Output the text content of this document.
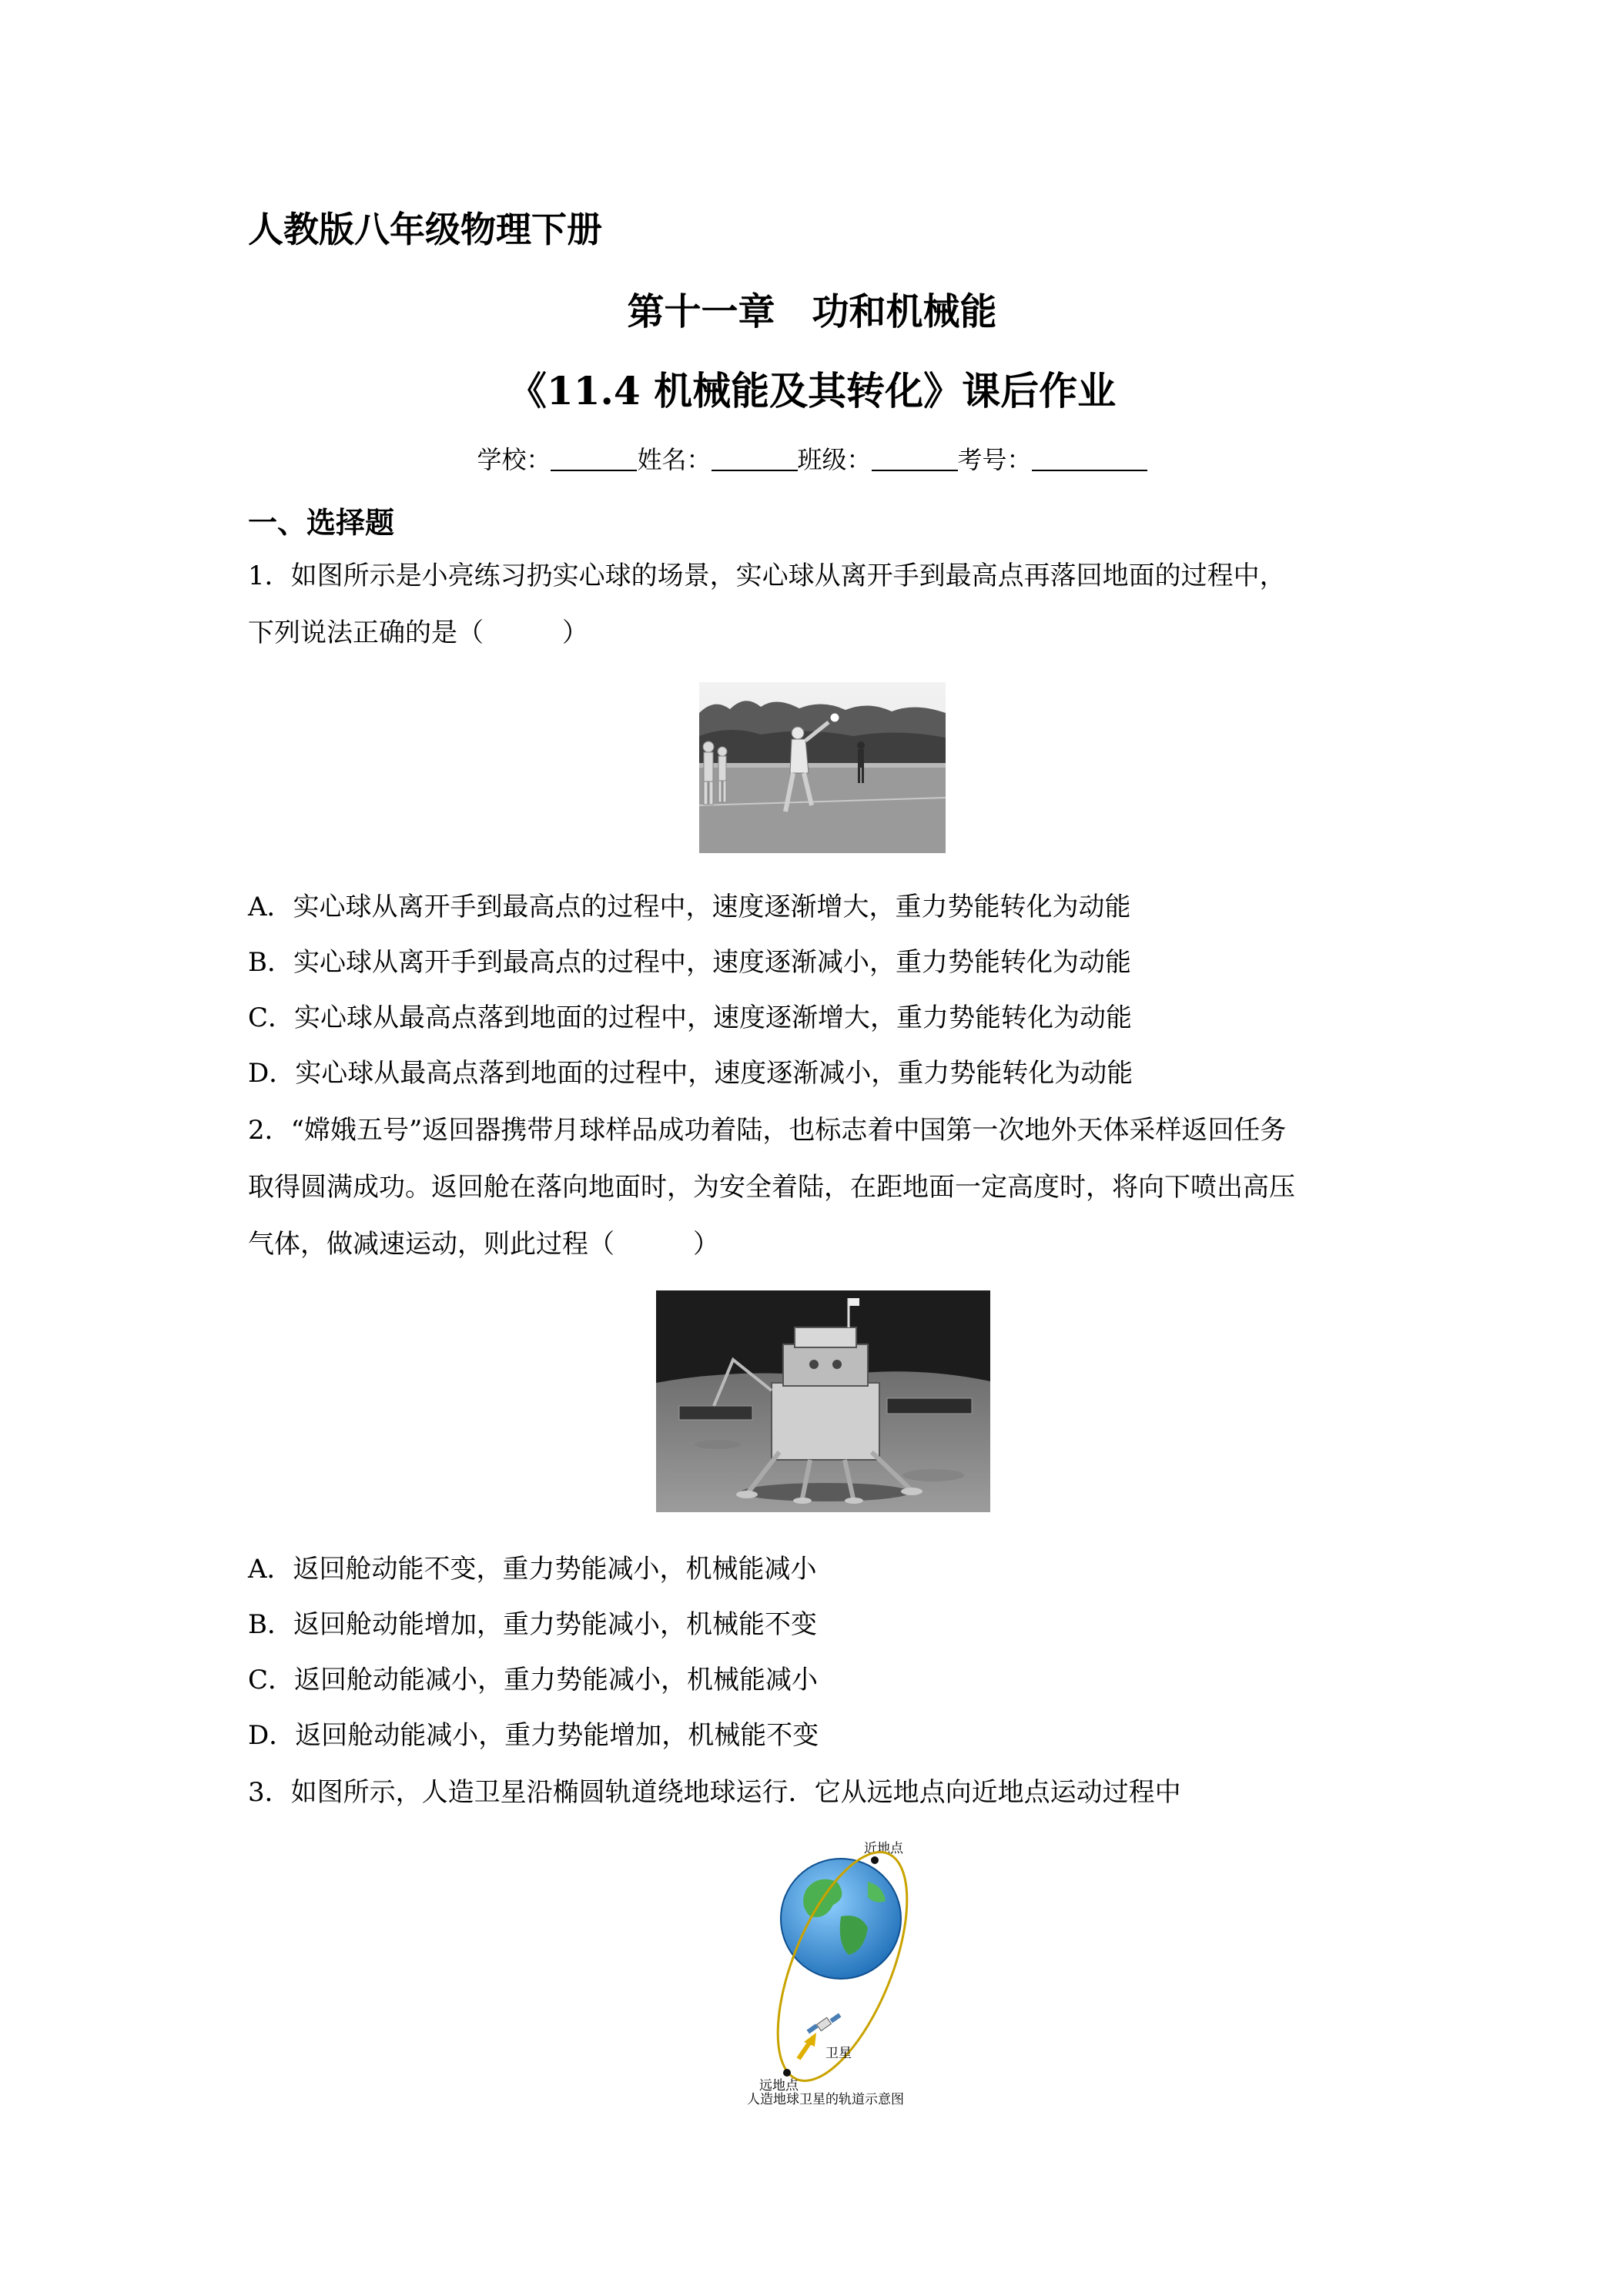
人教版八年级物理下册
第十一章　功和机械能
《11.4 机械能及其转化》课后作业
学校：	姓名：	班级：	考号：
一、选择题
1．如图所示是小亮练习扔实心球的场景，实心球从离开手到最高点再落回地面的过程中，
下列说法正确的是（　　　）
A．实心球从离开手到最高点的过程中，速度逐渐增大，重力势能转化为动能
B．实心球从离开手到最高点的过程中，速度逐渐减小，重力势能转化为动能
C．实心球从最高点落到地面的过程中，速度逐渐增大，重力势能转化为动能
D．实心球从最高点落到地面的过程中，速度逐渐减小，重力势能转化为动能
2．“嫦娥五号”返回器携带月球样品成功着陆，也标志着中国第一次地外天体采样返回任务
取得圆满成功。返回舱在落向地面时，为安全着陆，在距地面一定高度时，将向下喷出高压
气体，做减速运动，则此过程（　　　）
A．返回舱动能不变，重力势能减小，机械能减小
B．返回舱动能增加，重力势能减小，机械能不变
C．返回舱动能减小，重力势能减小，机械能减小
D．返回舱动能减小，重力势能增加，机械能不变
3．如图所示，人造卫星沿椭圆轨道绕地球运行．它从远地点向近地点运动过程中
近地点
卫星
远地点
人造地球卫星的轨道示意图
